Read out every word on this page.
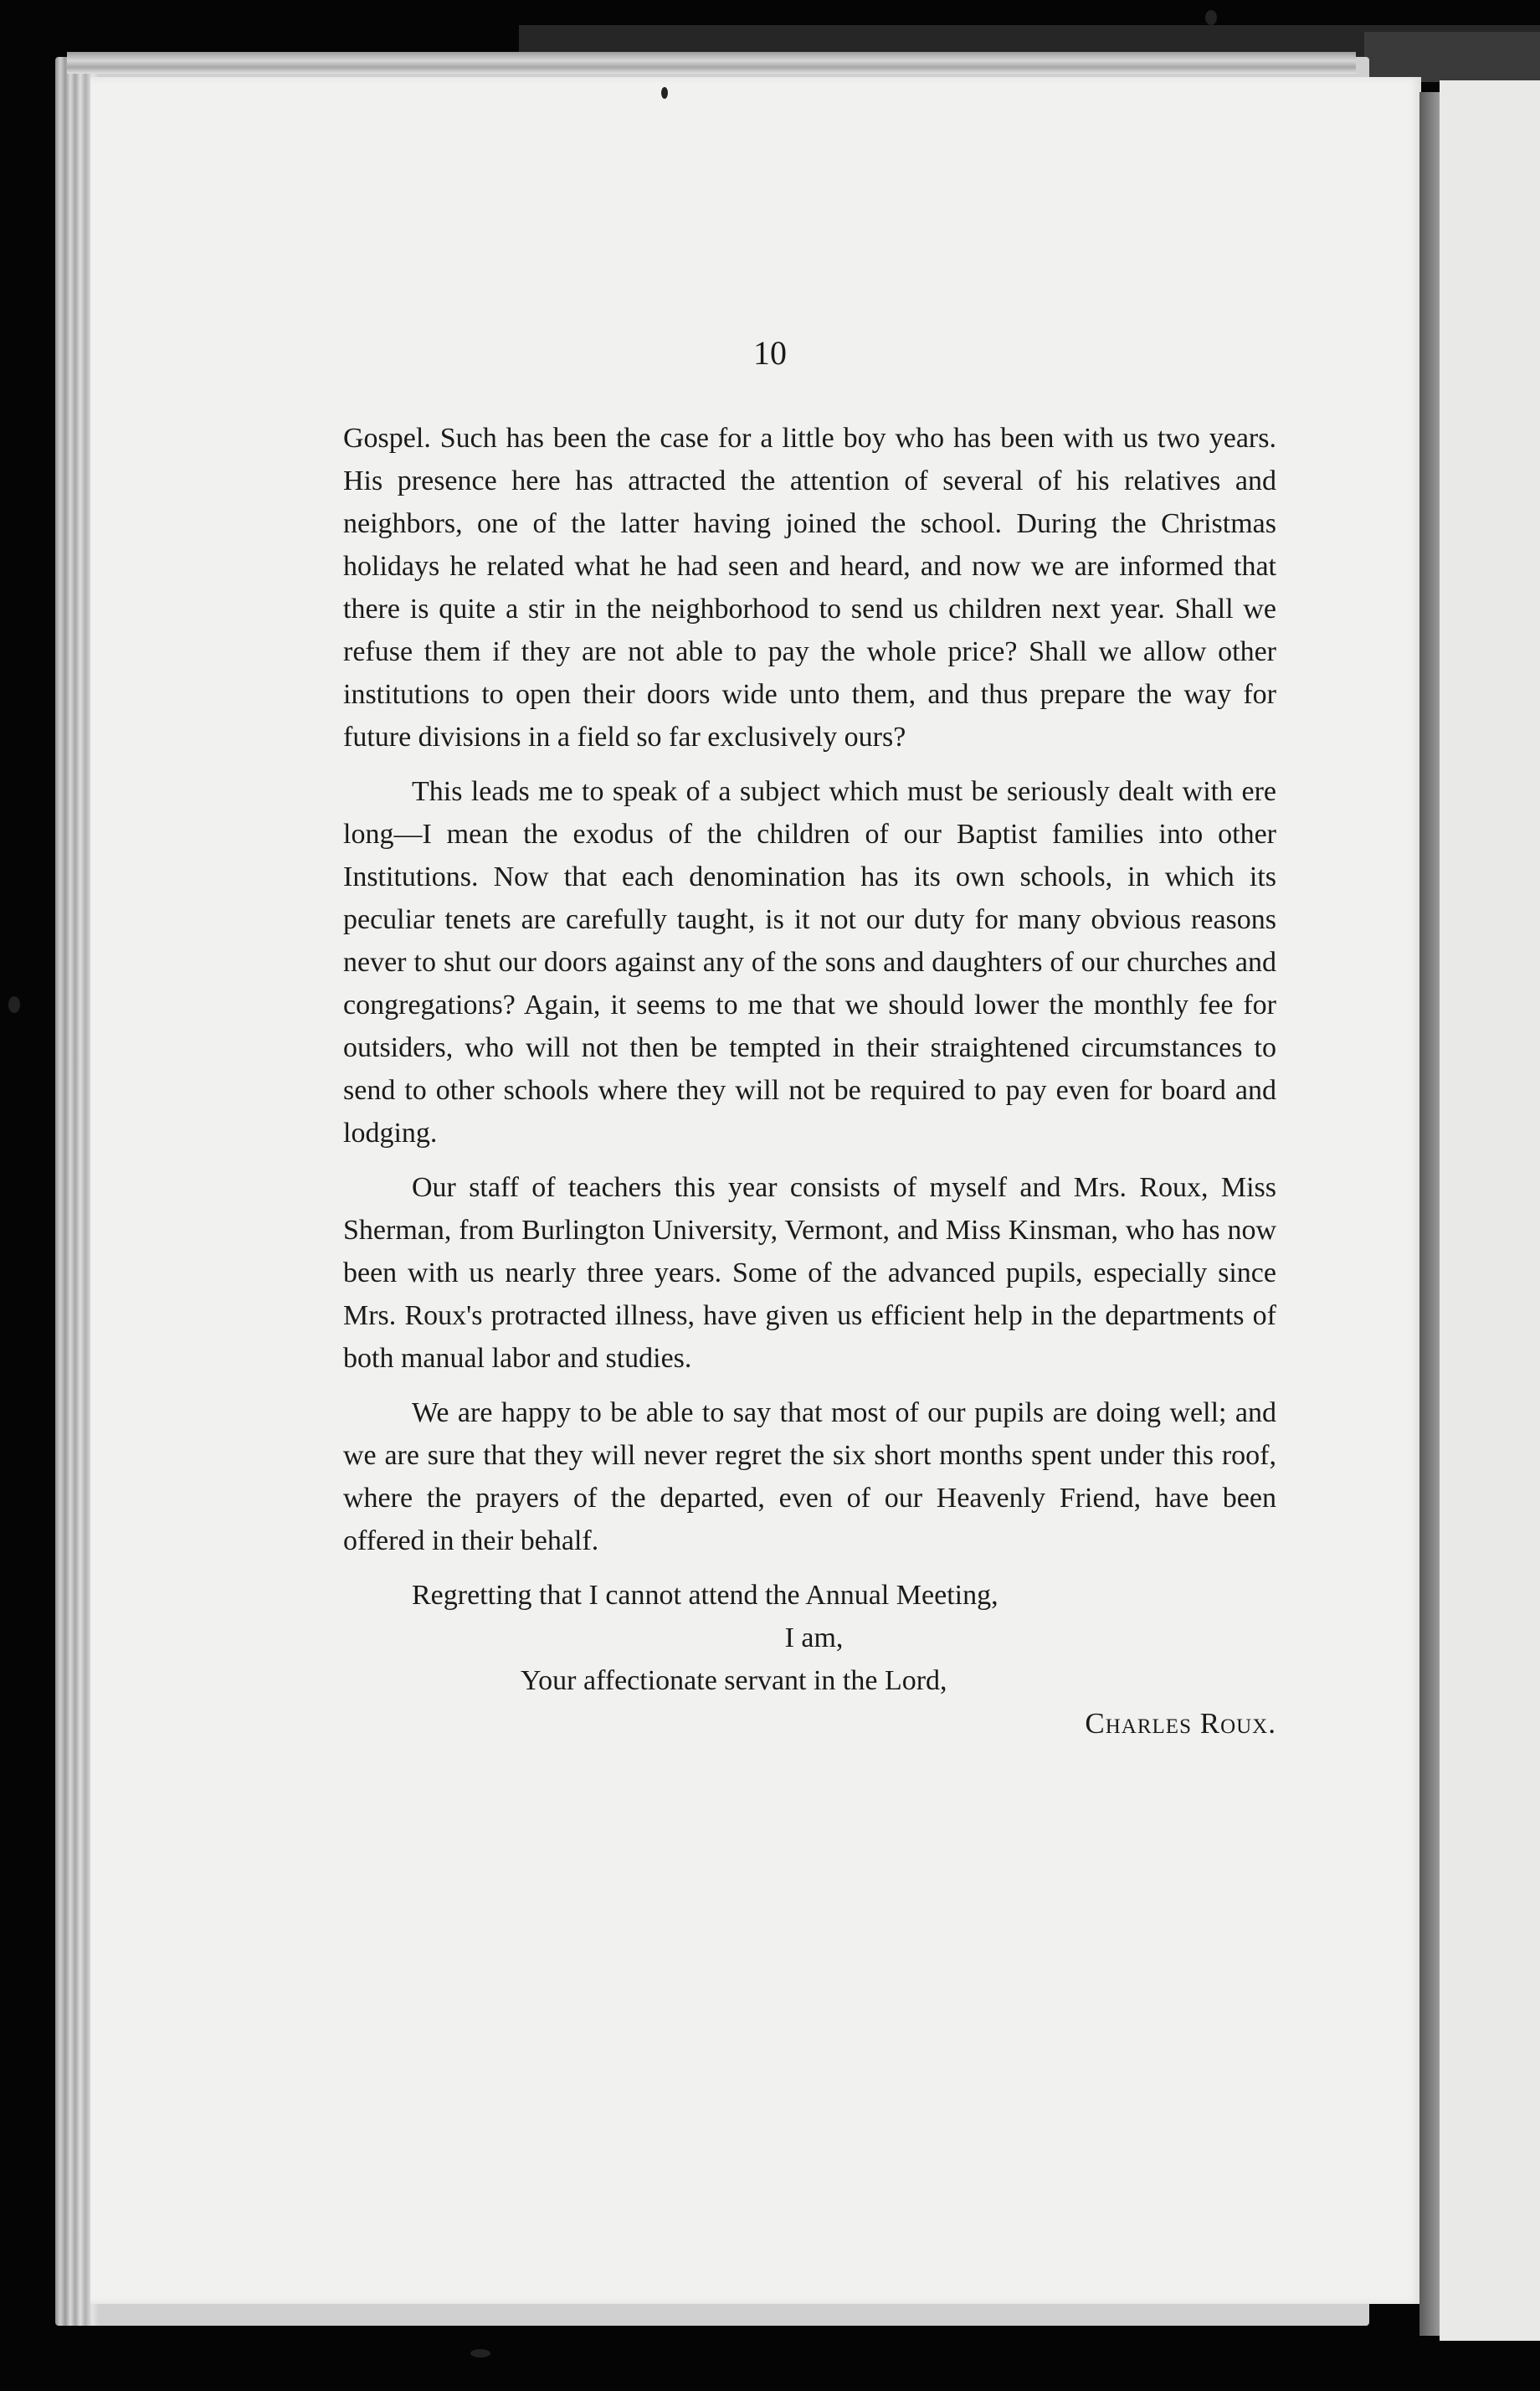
10

Gospel. Such has been the case for a little boy who has been with us two years. His presence here has attracted the attention of several of his relatives and neighbors, one of the latter having joined the school. During the Christmas holidays he related what he had seen and heard, and now we are informed that there is quite a stir in the neighborhood to send us children next year. Shall we refuse them if they are not able to pay the whole price? Shall we allow other institutions to open their doors wide unto them, and thus prepare the way for future divisions in a field so far exclusively ours?

This leads me to speak of a subject which must be seriously dealt with ere long—I mean the exodus of the children of our Baptist families into other Institutions. Now that each denomination has its own schools, in which its peculiar tenets are carefully taught, is it not our duty for many obvious reasons never to shut our doors against any of the sons and daughters of our churches and congregations? Again, it seems to me that we should lower the monthly fee for outsiders, who will not then be tempted in their straightened circumstances to send to other schools where they will not be required to pay even for board and lodging.

Our staff of teachers this year consists of myself and Mrs. Roux, Miss Sherman, from Burlington University, Vermont, and Miss Kinsman, who has now been with us nearly three years. Some of the advanced pupils, especially since Mrs. Roux's protracted illness, have given us efficient help in the departments of both manual labor and studies.

We are happy to be able to say that most of our pupils are doing well; and we are sure that they will never regret the six short months spent under this roof, where the prayers of the departed, even of our Heavenly Friend, have been offered in their behalf.

Regretting that I cannot attend the Annual Meeting,
I am,
Your affectionate servant in the Lord,
Charles Roux.
